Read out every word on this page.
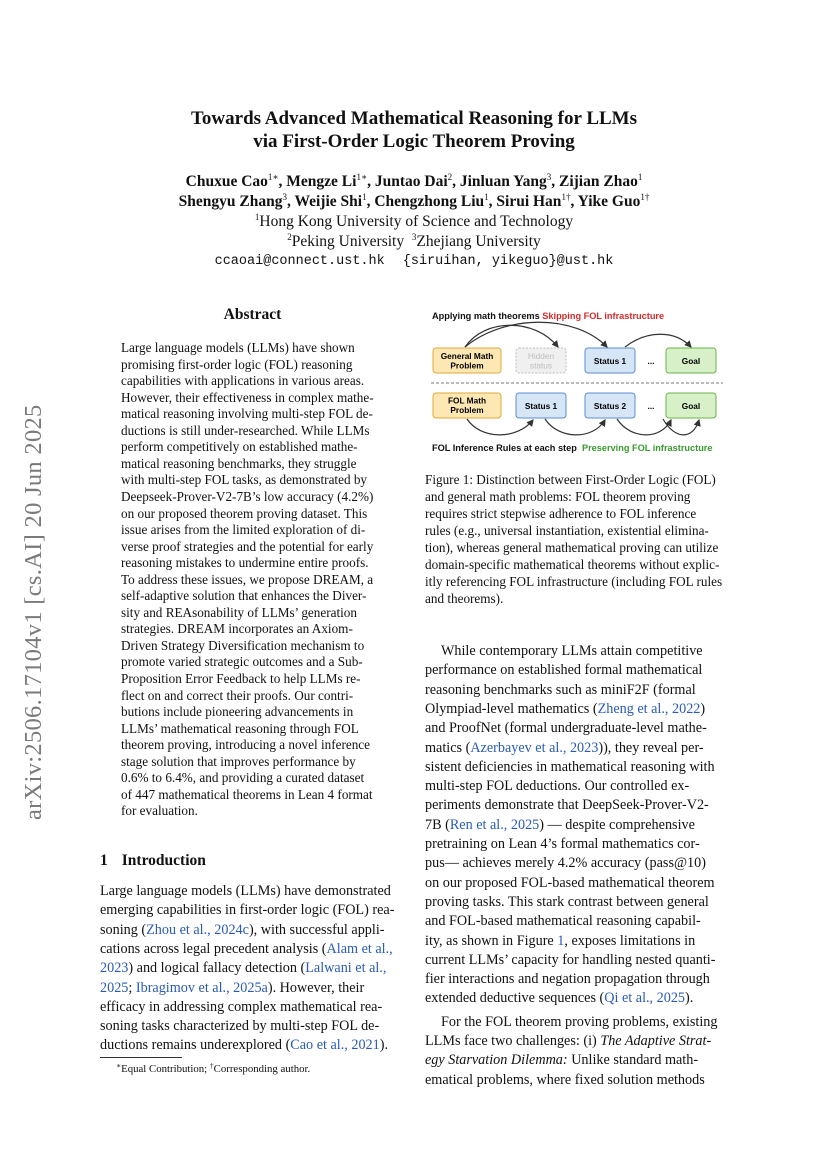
arXiv:2506.17104v1 [cs.AI] 20 Jun 2025
Towards Advanced Mathematical Reasoning for LLMs
via First-Order Logic Theorem Proving
Chuxue Cao$^{1∗}$, Mengze $Li^{1∗}$, Juntao Dai$^2$, Jinluan Yang$^3$, Zijian Zhao$^1$
Shengyu Zhang$^3$, Weijie Shi$^1$, Chengzhong Liu$^1$, Sirui Han$^{1\dagger}$, Yike Guo$^{1\dagger}$
$^1$Hong Kong University of Science and Technology
$^2$Peking University $^3$Zhejiang University
ccaoai@connect.ust.hk {siruihan, yikeguo}@ust.hk
Abstract
Large language models (LLMs) have shown
promising first-order logic (FOL) reasoning
capabilities with applications in various areas.
However, their effectiveness in complex mathe-
matical reasoning involving multi-step FOL de-
ductions is still under-researched. While LLMs
perform competitively on established mathe-
matical reasoning benchmarks, they struggle
with multi-step FOL tasks, as demonstrated by
Deepseek-Prover-V2-7B’s low accuracy (4.2%)
on our proposed theorem proving dataset. This
issue arises from the limited exploration of di-
verse proof strategies and the potential for early
reasoning mistakes to undermine entire proofs.
To address these issues, we propose DREAM, a
self-adaptive solution that enhances the Diver-
sity and REAsonability of LLMs’ generation
strategies. DREAM incorporates an Axiom-
Driven Strategy Diversification mechanism to
promote varied strategic outcomes and a Sub-
Proposition Error Feedback to help LLMs re-
flect on and correct their proofs. Our contri-
butions include pioneering advancements in
LLMs’ mathematical reasoning through FOL
theorem proving, introducing a novel inference
stage solution that improves performance by
0.6% to 6.4%, and providing a curated dataset
of 447 mathematical theorems in Lean 4 format
for evaluation.
1 Introduction
Large language models (LLMs) have demonstrated
emerging capabilities in first-order logic (FOL) rea-
soning (Zhou et al., 2024c), with successful appli-
cations across legal precedent analysis (Alam et al.,
2023) and logical fallacy detection (Lalwani et al.,
2025; Ibragimov et al., 2025a). However, their
efficacy in addressing complex mathematical rea-
soning tasks characterized by multi-step FOL de-
ductions remains underexplored (Cao et al., 2021).
∗Equal Contribution; †Corresponding author.
Applying math theorems Skipping FOL infrastructure
General Math
Problem
Hidden
status	Status 1	...	Goal
FOL Math
Problem	Status 1	Status 2	...	Goal
FOL Inference Rules at each step Preserving FOL infrastructure
Figure 1: Distinction between First-Order Logic (FOL)
and general math problems: FOL theorem proving
requires strict stepwise adherence to FOL inference
rules (e.g., universal instantiation, existential elimina-
tion), whereas general mathematical proving can utilize
domain-specific mathematical theorems without explic-
itly referencing FOL infrastructure (including FOL rules
and theorems).
While contemporary LLMs attain competitive
performance on established formal mathematical
reasoning benchmarks such as miniF2F (formal
Olympiad-level mathematics (Zheng et al., 2022)
and ProofNet (formal undergraduate-level mathe-
matics (Azerbayev et al., 2023)), they reveal per-
sistent deficiencies in mathematical reasoning with
multi-step FOL deductions. Our controlled ex-
periments demonstrate that DeepSeek-Prover-V2-
7B (Ren et al., 2025) — despite comprehensive
pretraining on Lean 4’s formal mathematics cor-
pus— achieves merely 4.2% accuracy (pass@10)
on our proposed FOL-based mathematical theorem
proving tasks. This stark contrast between general
and FOL-based mathematical reasoning capabil-
ity, as shown in Figure 1, exposes limitations in
current LLMs’ capacity for handling nested quanti-
fier interactions and negation propagation through
extended deductive sequences (Qi et al., 2025).
For the FOL theorem proving problems, existing
LLMs face two challenges: (i) The Adaptive Strat-
egy Starvation Dilemma: Unlike standard math-
ematical problems, where fixed solution methods
